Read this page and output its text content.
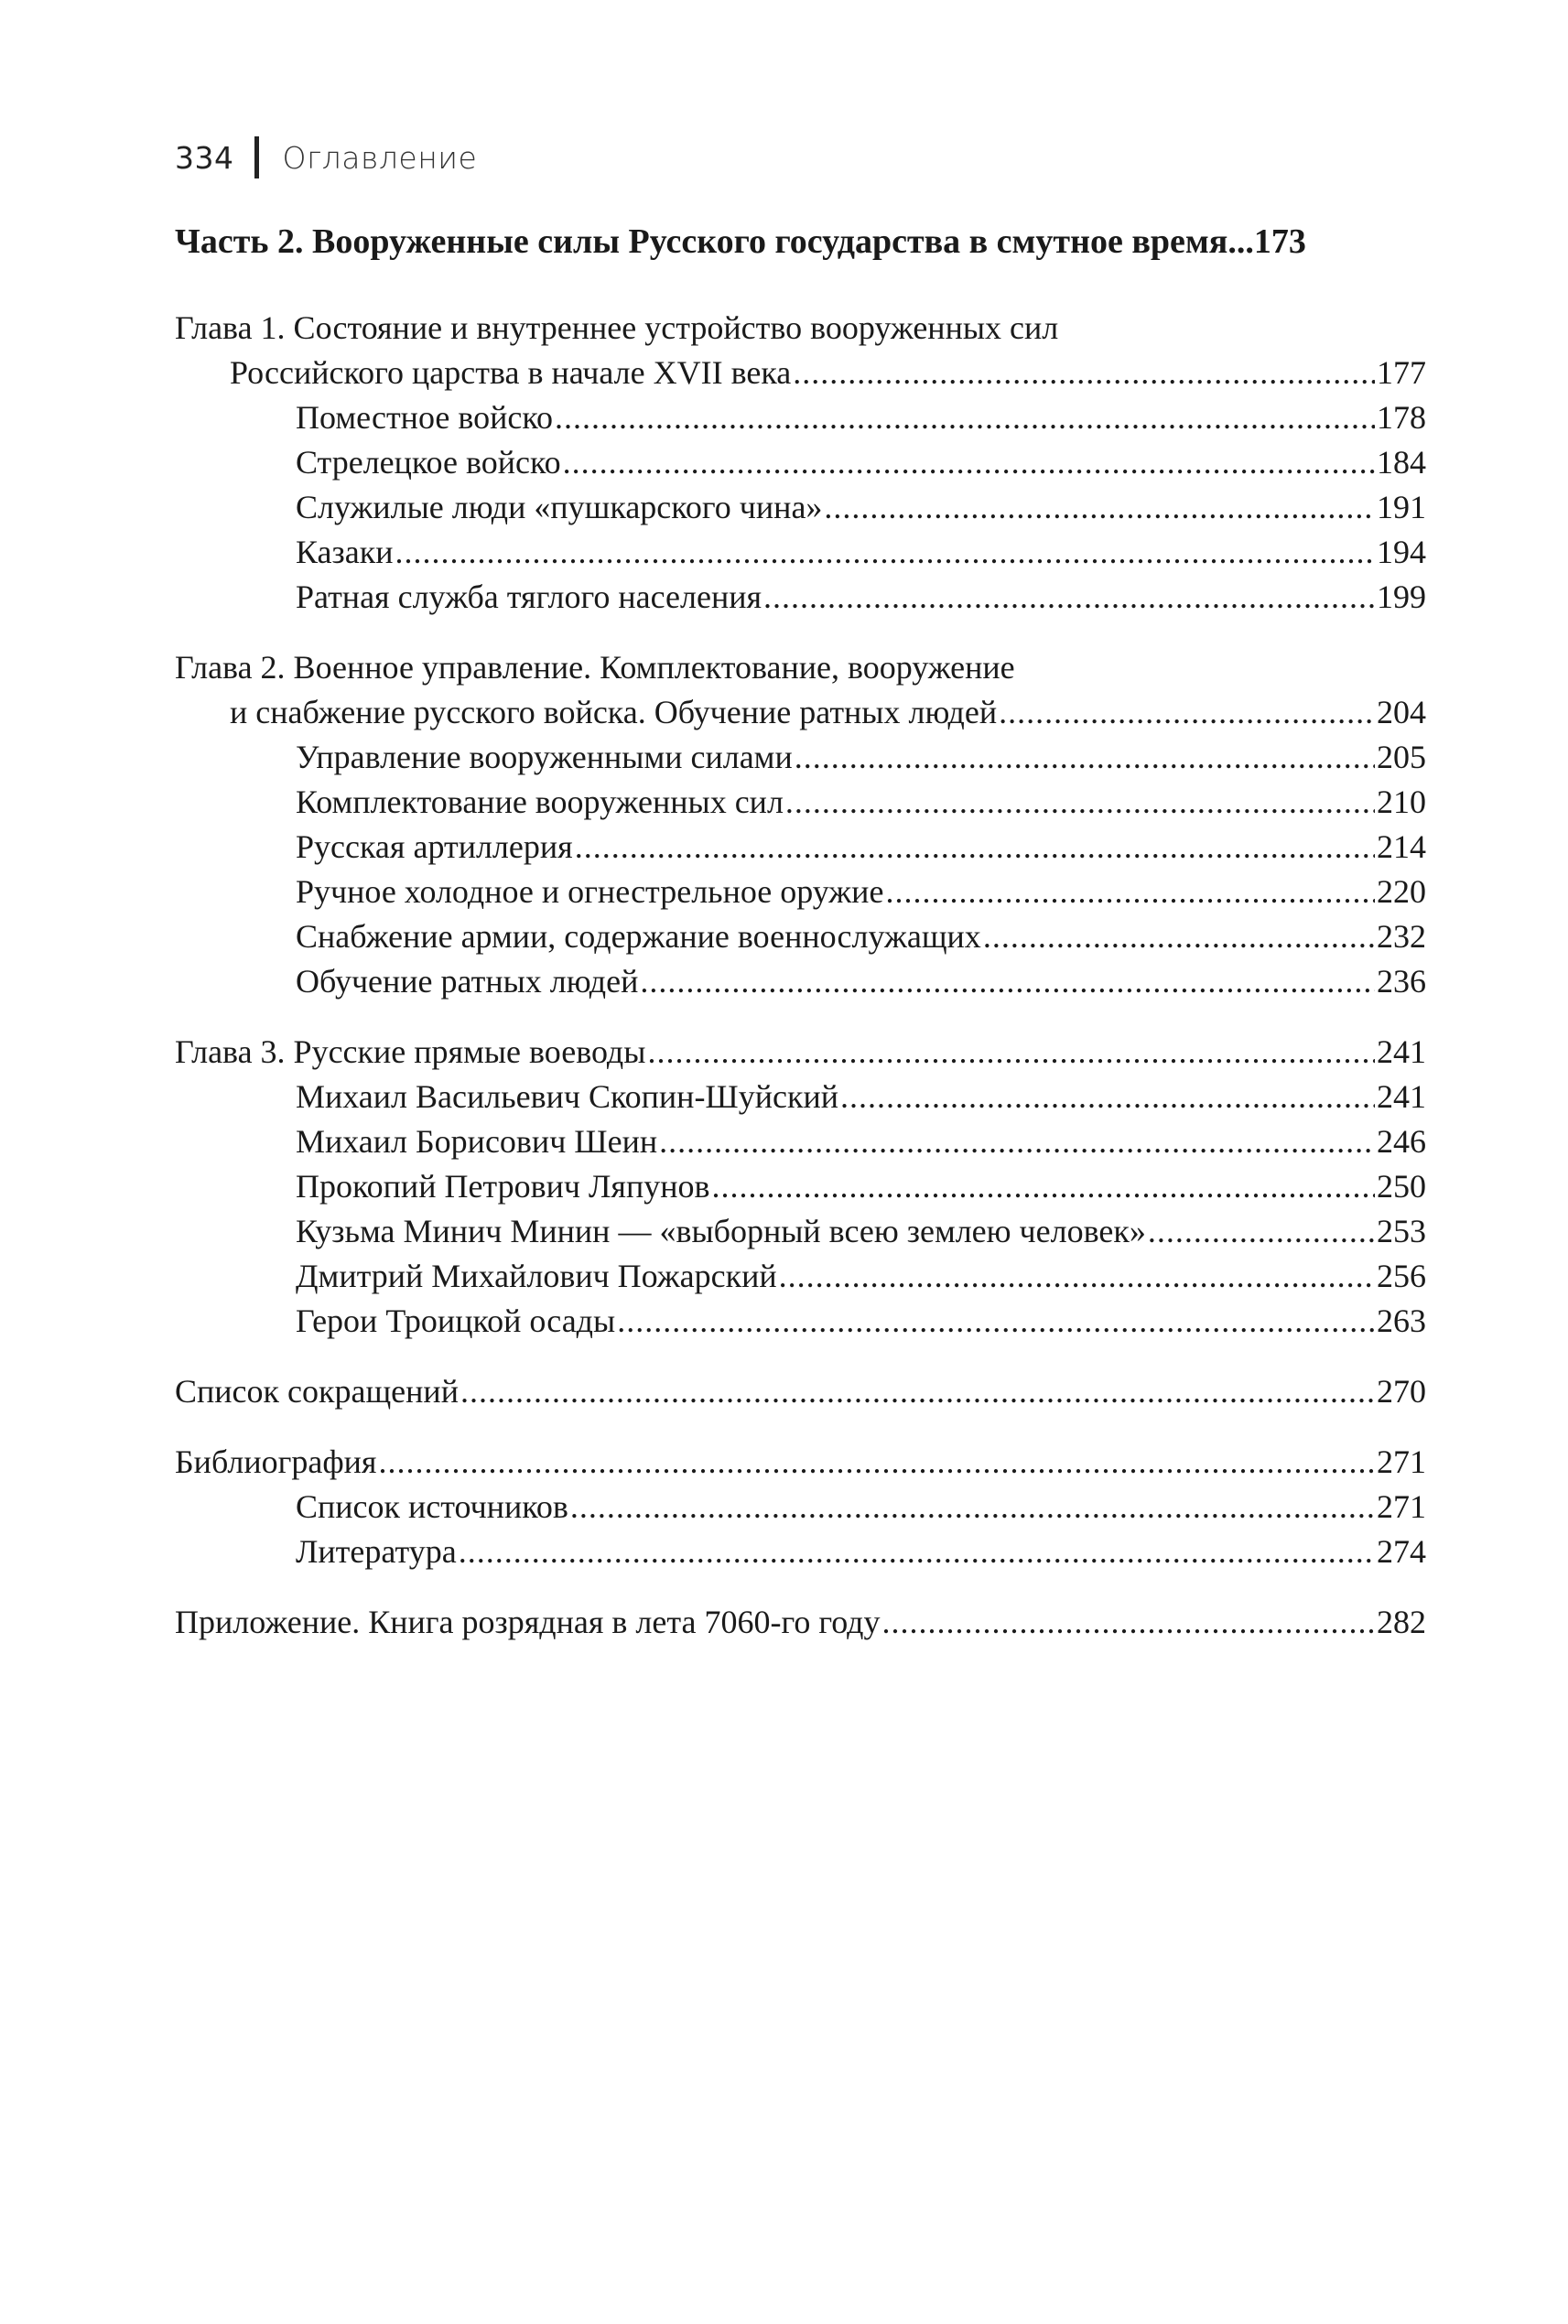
334 Оглавление
Часть 2. Вооруженные силы Русского государства в смутное время ... 173
Глава 1. Состояние и внутреннее устройство вооруженных сил
Российского царства в начале XVII века .....	177
Поместное войско .....	178
Стрелецкое войско .....	184
Служилые люди «пушкарского чина» .....	191
Казаки .....	194
Ратная служба тяглого населения .....	199
Глава 2. Военное управление. Комплектование, вооружение
и снабжение русского войска. Обучение ратных людей .....	204
Управление вооруженными силами .....	205
Комплектование вооруженных сил .....	210
Русская артиллерия .....	214
Ручное холодное и огнестрельное оружие .....	220
Снабжение армии, содержание военнослужащих .....	232
Обучение ратных людей .....	236
Глава 3. Русские прямые воеводы .....	241
Михаил Васильевич Скопин-Шуйский .....	241
Михаил Борисович Шеин .....	246
Прокопий Петрович Ляпунов .....	250
Кузьма Минич Минин — «выборный всею землею человек» .....	253
Дмитрий Михайлович Пожарский .....	256
Герои Троицкой осады .....	263
Список сокращений .....	270
Библиография .....	271
Список источников .....	271
Литература .....	274
Приложение. Книга розрядная в лета 7060-го году .....	282
